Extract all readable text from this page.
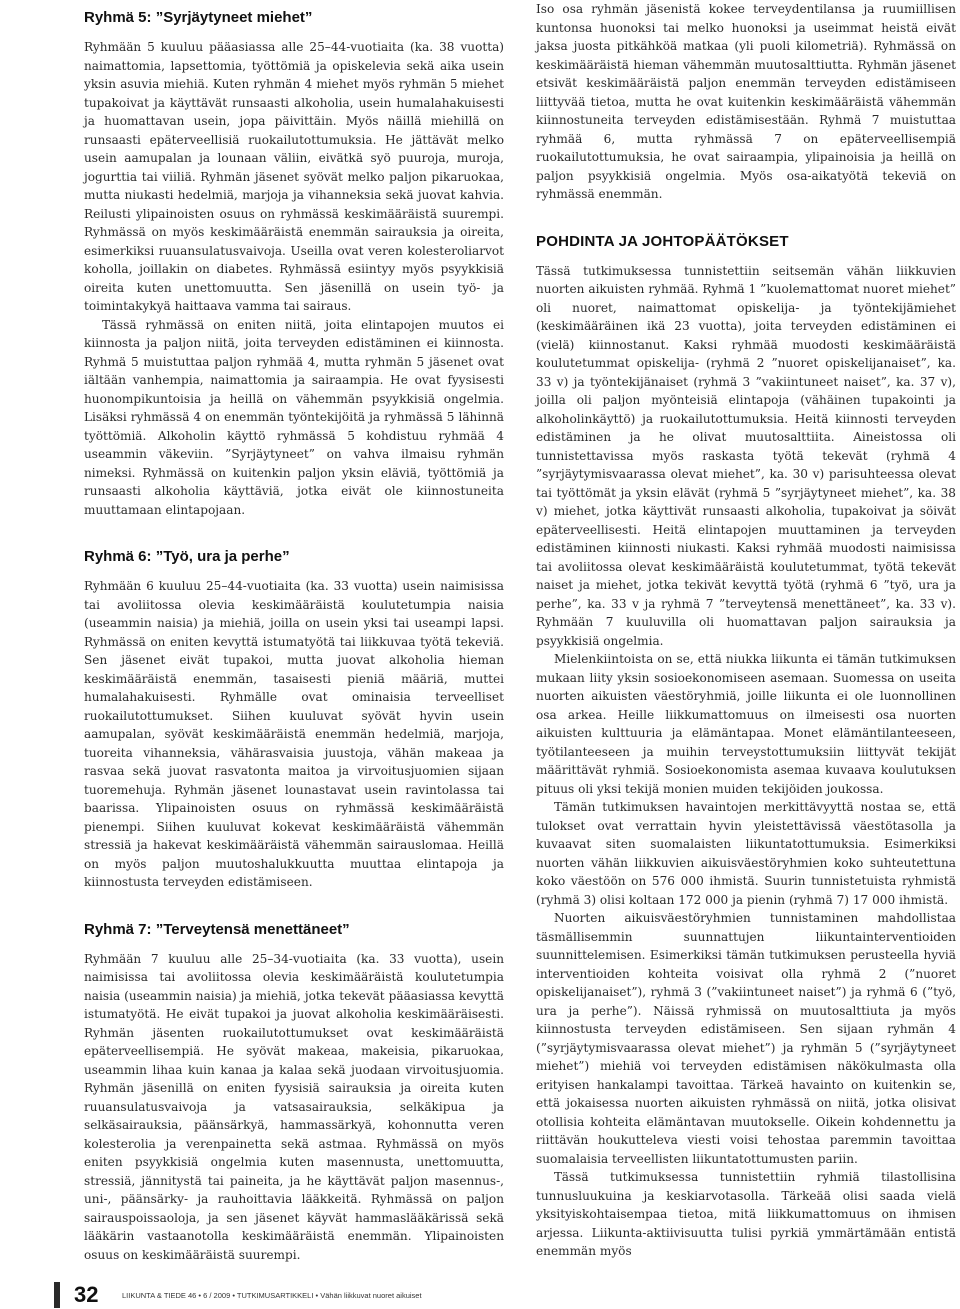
Ryhmä 5: ”Syrjäytyneet miehet”

Ryhmään 5 kuuluu pääasiassa alle 25–44-vuotiaita (ka. 38 vuotta) naimattomia, lapsettomia, työttömiä ja opiskelevia sekä aika usein yksin asuvia miehiä. Kuten ryhmän 4 miehet myös ryhmän 5 miehet tupakoivat ja käyttävät runsaasti alkoholia, usein humalahakuisesti ja huomattavan usein, jopa päivittäin. Myös näillä miehillä on runsaasti epäterveellisiä ruokailutottumuksia. He jättävät melko usein aamupalan ja lounaan väliin, eivätkä syö puuroja, muroja, jogurttia tai viiliä. Ryhmän jäsenet syövät melko paljon pikaruokaa, mutta niukasti hedelmiä, marjoja ja vihanneksia sekä juovat kahvia. Reilusti ylipainoisten osuus on ryhmässä keskimääräistä suurempi. Ryhmässä on myös keskimääräistä enemmän sairauksia ja oireita, esimerkiksi ruuansulatusvaivoja. Useilla ovat veren kolesteroliarvot koholla, joillakin on diabetes. Ryhmässä esiintyy myös psyykkisiä oireita kuten unettomuutta. Sen jäsenillä on usein työ- ja toimintakykyä haittaava vamma tai sairaus.

Tässä ryhmässä on eniten niitä, joita elintapojen muutos ei kiinnosta ja paljon niitä, joita terveyden edistäminen ei kiinnosta. Ryhmä 5 muistuttaa paljon ryhmää 4, mutta ryhmän 5 jäsenet ovat iältään vanhempia, naimattomia ja sairaampia. He ovat fyysisesti huonompikuntoisia ja heillä on vähemmän psyykkisiä ongelmia. Lisäksi ryhmässä 4 on enemmän työntekijöitä ja ryhmässä 5 lähinnä työttömiä. Alkoholin käyttö ryhmässä 5 kohdistuu ryhmää 4 useammin väkeviin. ”Syrjäytyneet” on vahva ilmaisu ryhmän nimeksi. Ryhmässä on kuitenkin paljon yksin eläviä, työttömiä ja runsaasti alkoholia käyttäviä, jotka eivät ole kiinnostuneita muuttamaan elintapojaan.

Ryhmä 6: ”Työ, ura ja perhe”

Ryhmään 6 kuuluu 25–44-vuotiaita (ka. 33 vuotta) usein naimisissa tai avoliitossa olevia keskimääräistä koulutetumpia naisia (useammin naisia) ja miehiä, joilla on usein yksi tai useampi lapsi. Ryhmässä on eniten kevyttä istumatyötä tai liikkuvaa työtä tekeviä. Sen jäsenet eivät tupakoi, mutta juovat alkoholia hieman keskimääräistä enemmän, tasaisesti pieniä määriä, muttei humalahakuisesti. Ryhmälle ovat ominaisia terveelliset ruokailutottumukset. Siihen kuuluvat syövät hyvin usein aamupalan, syövät keskimääräistä enemmän hedelmiä, marjoja, tuoreita vihanneksia, vähärasvaisia juustoja, vähän makeaa ja rasvaa sekä juovat rasvatonta maitoa ja virvoitusjuomien sijaan tuoremehuja. Ryhmän jäsenet lounastavat usein ravintolassa tai baarissa. Ylipainoisten osuus on ryhmässä keskimääräistä pienempi. Siihen kuuluvat kokevat keskimääräistä vähemmän stressiä ja hakevat keskimääräistä vähemmän sairauslomaa. Heillä on myös paljon muutoshalukkuutta muuttaa elintapoja ja kiinnostusta terveyden edistämiseen.

Ryhmä 7: ”Terveytensä menettäneet”

Ryhmään 7 kuuluu alle 25–34-vuotiaita (ka. 33 vuotta), usein naimisissa tai avoliitossa olevia keskimääräistä koulutetumpia naisia (useammin naisia) ja miehiä, jotka tekevät pääasiassa kevyttä istumatyötä. He eivät tupakoi ja juovat alkoholia keskimääräisesti. Ryhmän jäsenten ruokailutottumukset ovat keskimääräistä epäterveellisempiä. He syövät makeaa, makeisia, pikaruokaa, useammin lihaa kuin kanaa ja kalaa sekä juodaan virvoitusjuomia. Ryhmän jäsenillä on eniten fyysisiä sairauksia ja oireita kuten ruuansulatusvaivoja ja vatsasairauksia, selkäkipua ja selkäsairauksia, päänsärkyä, hammassärkyä, kohonnutta veren kolesterolia ja verenpainetta sekä astmaa. Ryhmässä on myös eniten psyykkisiä ongelmia kuten masennusta, unettomuutta, stressiä, jännitystä tai paineita, ja he käyttävät paljon masennus-, uni-, päänsärky- ja rauhoittavia lääkkeitä. Ryhmässä on paljon sairauspoissaoloja, ja sen jäsenet käyvät hammaslääkärissä sekä lääkärin vastaanotolla keskimääräistä enemmän. Ylipainoisten osuus on keskimääräistä suurempi.

Iso osa ryhmän jäsenistä kokee terveydentilansa ja ruumiillisen kuntonsa huonoksi tai melko huonoksi ja useimmat heistä eivät jaksa juosta pitkähköä matkaa (yli puoli kilometriä). Ryhmässä on keskimääräistä hieman vähemmän muutosalttiutta. Ryhmän jäsenet etsivät keskimääräistä paljon enemmän terveyden edistämiseen liittyvää tietoa, mutta he ovat kuitenkin keskimääräistä vähemmän kiinnostuneita terveyden edistämisestään. Ryhmä 7 muistuttaa ryhmää 6, mutta ryhmässä 7 on epäterveellisempiä ruokailutottumuksia, he ovat sairaampia, ylipainoisia ja heillä on paljon psyykkisiä ongelmia. Myös osa-aikatyötä tekeviä on ryhmässä enemmän.

POHDINTA JA JOHTOPÄÄTÖKSET

Tässä tutkimuksessa tunnistettiin seitsemän vähän liikkuvien nuorten aikuisten ryhmää. Ryhmä 1 ”kuolemattomat nuoret miehet” oli nuoret, naimattomat opiskelija- ja työntekijämiehet (keskimääräinen ikä 23 vuotta), joita terveyden edistäminen ei (vielä) kiinnostanut. Kaksi ryhmää muodosti keskimääräistä koulutetummat opiskelija- (ryhmä 2 ”nuoret opiskelijanaiset”, ka. 33 v) ja työntekijänaiset (ryhmä 3 ”vakiintuneet naiset”, ka. 37 v), joilla oli paljon myönteisiä elintapoja (vähäinen tupakointi ja alkoholinkäyttö) ja ruokailutottumuksia. Heitä kiinnosti terveyden edistäminen ja he olivat muutosalttiita. Aineistossa oli tunnistettavissa myös raskasta työtä tekevät (ryhmä 4 ”syrjäytymisvaarassa olevat miehet”, ka. 30 v) parisuhteessa olevat tai työttömät ja yksin elävät (ryhmä 5 ”syrjäytyneet miehet”, ka. 38 v) miehet, jotka käyttivät runsaasti alkoholia, tupakoivat ja söivät epäterveellisesti. Heitä elintapojen muuttaminen ja terveyden edistäminen kiinnosti niukasti. Kaksi ryhmää muodosti naimisissa tai avoliitossa olevat keskimääräistä koulutetummat, työtä tekevät naiset ja miehet, jotka tekivät kevyttä työtä (ryhmä 6 ”työ, ura ja perhe”, ka. 33 v ja ryhmä 7 ”terveytensä menettäneet”, ka. 33 v). Ryhmään 7 kuuluvilla oli huomattavan paljon sairauksia ja psyykkisiä ongelmia.

Mielenkiintoista on se, että niukka liikunta ei tämän tutkimuksen mukaan liity yksin sosioekonomiseen asemaan. Suomessa on useita nuorten aikuisten väestöryhmiä, joille liikunta ei ole luonnollinen osa arkea. Heille liikkumattomuus on ilmeisesti osa nuorten aikuisten kulttuuria ja elämäntapaa. Monet elämäntilanteeseen, työtilanteeseen ja muihin terveystottumuksiin liittyvät tekijät määrittävät ryhmiä. Sosioekonomista asemaa kuvaava koulutuksen pituus oli yksi tekijä monien muiden tekijöiden joukossa.

Tämän tutkimuksen havaintojen merkittävyyttä nostaa se, että tulokset ovat verrattain hyvin yleistettävissä väestötasolla ja kuvaavat siten suomalaisten liikuntatottumuksia. Esimerkiksi nuorten vähän liikkuvien aikuisväestöryhmien koko suhteutettuna koko väestöön on 576 000 ihmistä. Suurin tunnistetuista ryhmistä (ryhmä 3) olisi koltaan 172 000 ja pienin (ryhmä 7) 17 000 ihmistä.

Nuorten aikuisväestöryhmien tunnistaminen mahdollistaa täsmällisemmin suunnattujen liikuntainterventioiden suunnittelemisen. Esimerkiksi tämän tutkimuksen perusteella hyviä interventioiden kohteita voisivat olla ryhmä 2 (”nuoret opiskelijanaiset”), ryhmä 3 (”vakiintuneet naiset”) ja ryhmä 6 (”työ, ura ja perhe”). Näissä ryhmissä on muutosalttiuta ja myös kiinnostusta terveyden edistämiseen. Sen sijaan ryhmän 4 (”syrjäytymisvaarassa olevat miehet”) ja ryhmän 5 (”syrjäytyneet miehet”) miehiä voi terveyden edistämisen näkökulmasta olla erityisen hankalampi tavoittaa. Tärkeä havainto on kuitenkin se, että jokaisessa nuorten aikuisten ryhmässä on niitä, jotka olisivat otollisia kohteita elämäntavan muutokselle. Oikein kohdennettu ja riittävän houkutteleva viesti voisi tehostaa paremmin tavoittaa suomalaisia terveellisten liikuntatottumusten pariin.

Tässä tutkimuksessa tunnistettiin ryhmiä tilastollisina tunnusluukuina ja keskiarvotasolla. Tärkeää olisi saada vielä yksityiskohtaisempaa tietoa, mitä liikkumattomuus on ihmisen arjessa. Liikunta-aktiivisuutta tulisi pyrkiä ymmärtämään entistä enemmän myös

32	LIIKUNTA & TIEDE 46 • 6 / 2009 • TUTKIMUSARTIKKELI • Vähän liikkuvat nuoret aikuiset
